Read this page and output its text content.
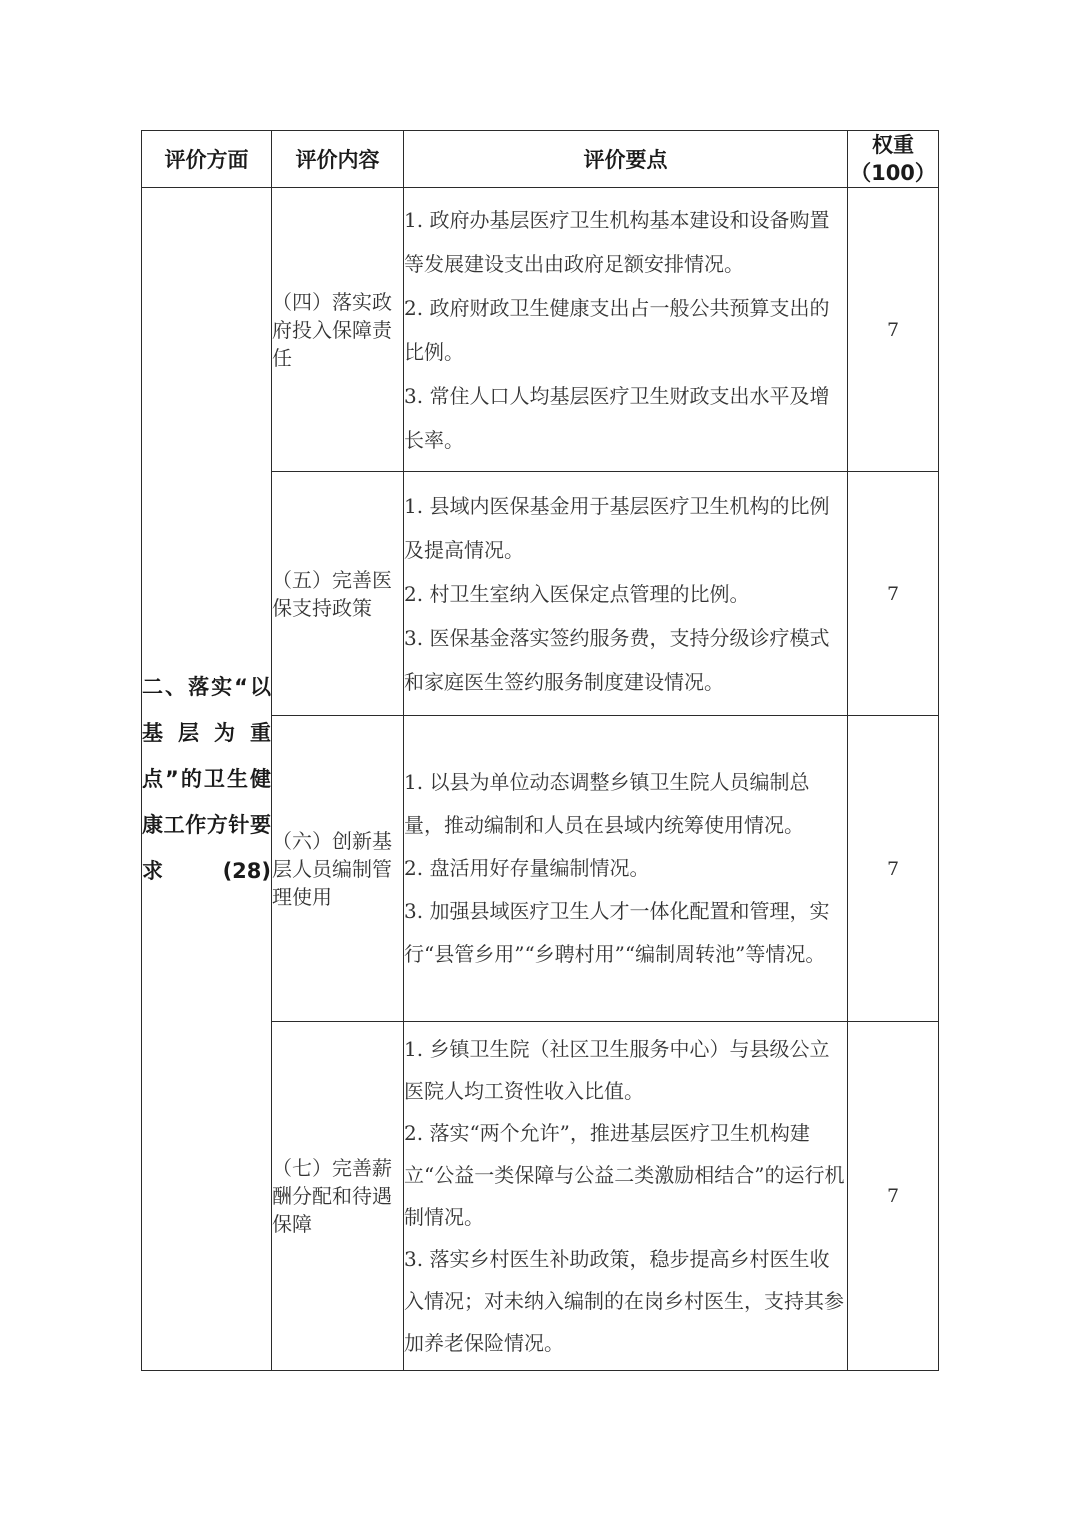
评价方面	评价内容	评价要点	权重
（100）

二、落实“以基层为重点”的卫生健康工作方针要求(28)	（四）落实政府投入保障责任	1. 政府办基层医疗卫生机构基本建设和设备购置等发展建设支出由政府足额安排情况。

2. 政府财政卫生健康支出占一般公共预算支出的比例。

3. 常住人口人均基层医疗卫生财政支出水平及增长率。	7
	（五）完善医保支持政策	1. 县域内医保基金用于基层医疗卫生机构的比例及提高情况。

2. 村卫生室纳入医保定点管理的比例。

3. 医保基金落实签约服务费，支持分级诊疗模式和家庭医生签约服务制度建设情况。	7
	（六）创新基层人员编制管理使用	1. 以县为单位动态调整乡镇卫生院人员编制总量，推动编制和人员在县域内统筹使用情况。

2. 盘活用好存量编制情况。

3. 加强县域医疗卫生人才一体化配置和管理，实行“县管乡用”“乡聘村用”“编制周转池”等情况。	7
	（七）完善薪酬分配和待遇保障	1. 乡镇卫生院（社区卫生服务中心）与县级公立医院人均工资性收入比值。

2. 落实“两个允许”，推进基层医疗卫生机构建立“公益一类保障与公益二类激励相结合”的运行机制情况。

3. 落实乡村医生补助政策，稳步提高乡村医生收入情况；对未纳入编制的在岗乡村医生，支持其参加养老保险情况。	7
